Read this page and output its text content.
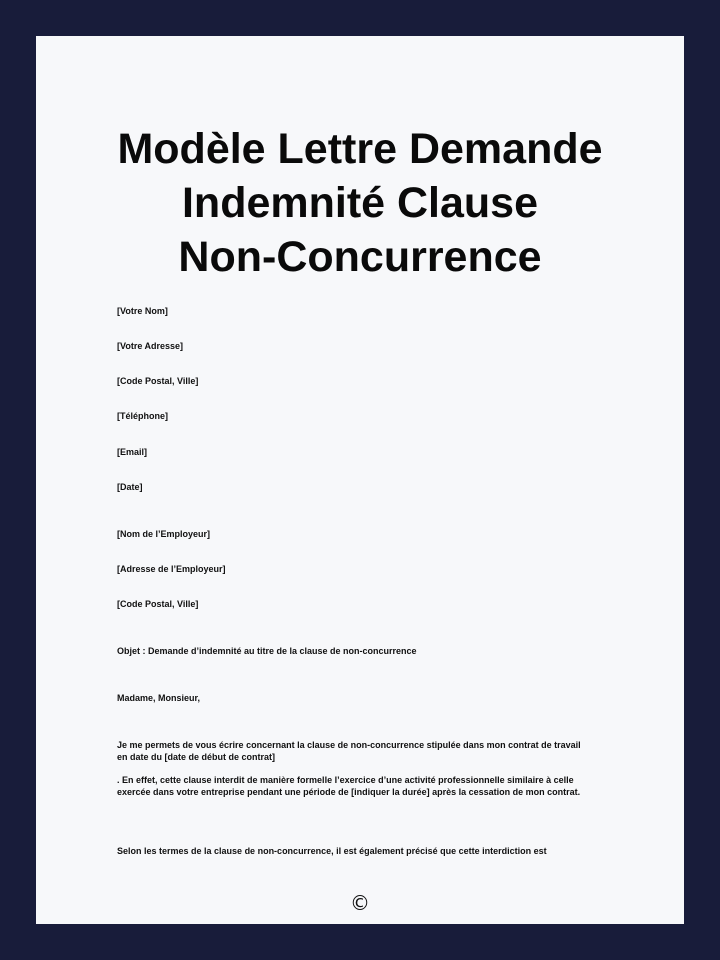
Modèle Lettre Demande
Indemnité Clause
Non-Concurrence
[Votre Nom]
[Votre Adresse]
[Code Postal, Ville]
[Téléphone]
[Email]
[Date]
[Nom de l’Employeur]
[Adresse de l’Employeur]
[Code Postal, Ville]
Objet : Demande d’indemnité au titre de la clause de non-concurrence
Madame, Monsieur,
Je me permets de vous écrire concernant la clause de non-concurrence stipulée dans mon contrat de travail en date du [date de début de contrat]
. En effet, cette clause interdit de manière formelle l’exercice d’une activité professionnelle similaire à celle exercée dans votre entreprise pendant une période de [indiquer la durée] après la cessation de mon contrat.
Selon les termes de la clause de non-concurrence, il est également précisé que cette interdiction est
©
